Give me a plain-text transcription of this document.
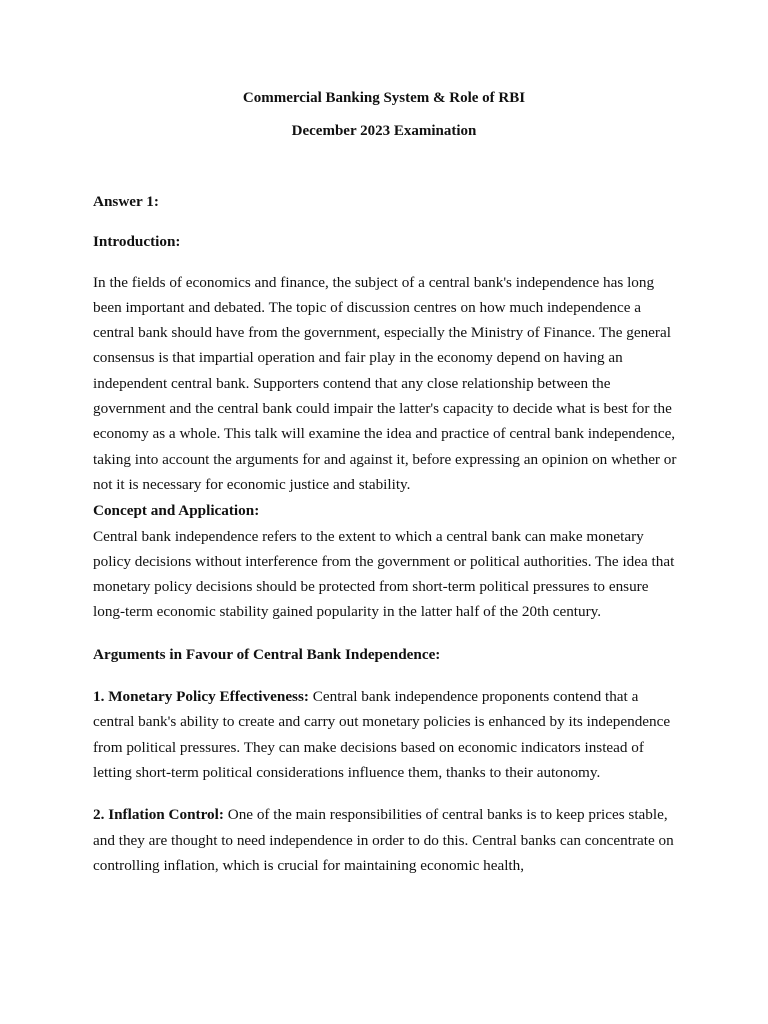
Commercial Banking System & Role of RBI
December 2023 Examination

Answer 1:

Introduction:

In the fields of economics and finance, the subject of a central bank's independence has long been important and debated. The topic of discussion centres on how much independence a central bank should have from the government, especially the Ministry of Finance. The general consensus is that impartial operation and fair play in the economy depend on having an independent central bank. Supporters contend that any close relationship between the government and the central bank could impair the latter's capacity to decide what is best for the economy as a whole. This talk will examine the idea and practice of central bank independence, taking into account the arguments for and against it, before expressing an opinion on whether or not it is necessary for economic justice and stability.

Concept and Application:

Central bank independence refers to the extent to which a central bank can make monetary policy decisions without interference from the government or political authorities. The idea that monetary policy decisions should be protected from short-term political pressures to ensure long-term economic stability gained popularity in the latter half of the 20th century.

Arguments in Favour of Central Bank Independence:

1. Monetary Policy Effectiveness: Central bank independence proponents contend that a central bank's ability to create and carry out monetary policies is enhanced by its independence from political pressures. They can make decisions based on economic indicators instead of letting short-term political considerations influence them, thanks to their autonomy.

2. Inflation Control: One of the main responsibilities of central banks is to keep prices stable, and they are thought to need independence in order to do this. Central banks can concentrate on controlling inflation, which is crucial for maintaining economic health,
